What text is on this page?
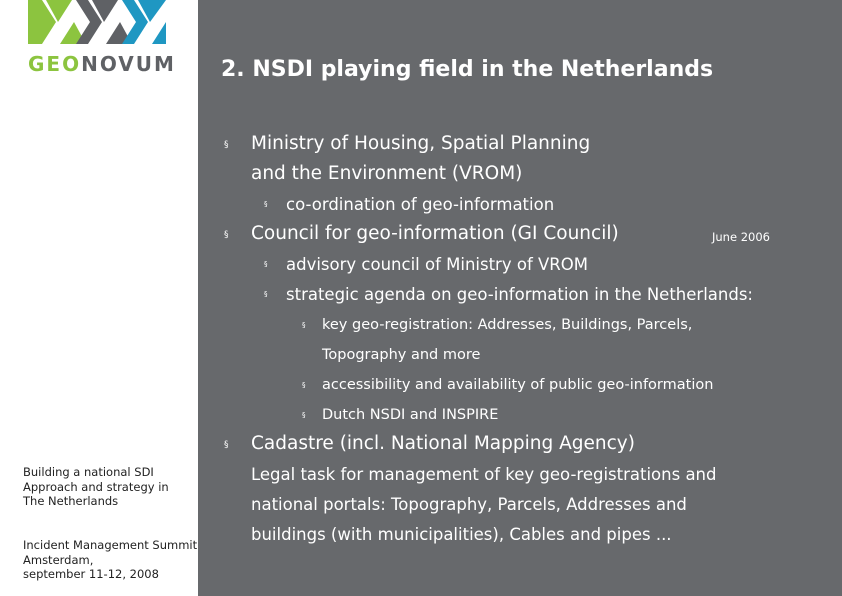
GEONOVUM
Building a national SDI
Approach and strategy in
The Netherlands
Incident Management Summit
Amsterdam,
september 11-12, 2008
2. NSDI playing field in the Netherlands
§ Ministry of Housing, Spatial Planning
and the Environment (VROM)
§ co-ordination of geo-information
§ Council for geo-information (GI Council)	June 2006
§ advisory council of Ministry of VROM
§ strategic agenda on geo-information in the Netherlands:
§ key geo-registration: Addresses, Buildings, Parcels,
Topography and more
§ accessibility and availability of public geo-information
§ Dutch NSDI and INSPIRE
§ Cadastre (incl. National Mapping Agency)
Legal task for management of key geo-registrations and
national portals: Topography, Parcels, Addresses and
buildings (with municipalities), Cables and pipes ...
